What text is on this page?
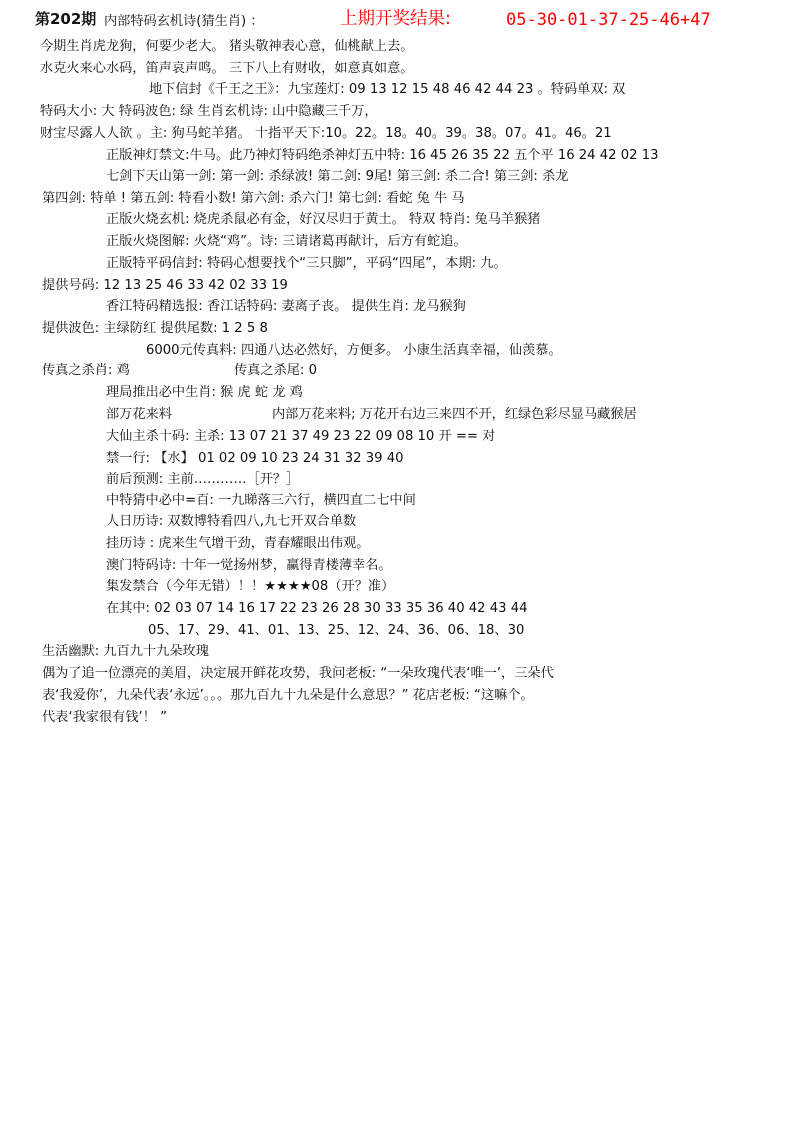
第202期 内部特码玄机诗(猜生肖) ：	上期开奖结果:	05-30-01-37-25-46+47
今期生肖虎龙狗，何要少老大。 猪头敬神表心意，仙桃献上去。
水克火来心水码，笛声哀声鸣。 三下八上有财收，如意真如意。
地下信封《千王之王》：九宝莲灯: 09 13 12 15 48 46 42 44 23 。特码单双: 双
特码大小: 大 特码波色: 绿 生肖玄机诗: 山中隐藏三千万，
财宝尽露人人欲 。主: 狗马蛇羊猪。 十指平天下:10。22。18。40。39。38。07。41。46。21
正版神灯禁文:牛马。此乃神灯特码绝杀神灯五中特: 16 45 26 35 22 五个平 16 24 42 02 13
七剑下天山第一剑: 第一剑: 杀绿波! 第二剑: 9尾! 第三剑: 杀二合! 第三剑: 杀龙
第四剑: 特单 ! 第五剑: 特看小数! 第六剑: 杀六门! 第七剑: 看蛇 兔 牛 马
正版火烧玄机: 烧虎杀鼠必有金，好汉尽归于黄土。 特双 特肖: 兔马羊猴猪
正版火烧图解: 火烧“鸡”。诗: 三请诸葛再献计，后方有蛇追。
正版特平码信封: 特码心想要找个“三只脚”，平码“四尾”，本期: 九。
提供号码: 12 13 25 46 33 42 02 33 19
香江特码精选报: 香江话特码: 妻离子丧。 提供生肖: 龙马猴狗
提供波色: 主绿防红 提供尾数: 1 2 5 8
6000元传真料: 四通八达必然好，方便多。 小康生活真幸福，仙羡慕。
传真之杀肖: 鸡	传真之杀尾: 0
理局推出必中生肖: 猴 虎 蛇 龙 鸡
部万花来料	内部万花来料; 万花开右边三来四不开，红绿色彩尽显马藏猴居
大仙主杀十码: 主杀: 13 07 21 37 49 23 22 09 08 10 开 == 对
禁一行: 【水】 01 02 09 10 23 24 31 32 39 40
前后预测: 主前…………［开？］
中特猜中必中=百: 一九睇落三六行，横四直二七中间
人日历诗: 双数博特看四八,九七开双合单数
挂历诗 : 虎来生气增干劲，青春耀眼出伟观。
澳门特码诗: 十年一觉扬州梦，赢得青楼薄幸名。
集发禁合（今年无错）！！★★★★08（开？准）
在其中: 02 03 07 14 16 17 22 23 26 28 30 33 35 36 40 42 43 44
05、17、29、41、01、13、25、12、24、36、06、18、30
生活幽默: 九百九十九朵玫瑰
偶为了追一位漂亮的美眉，决定展开鲜花攻势，我问老板: “一朵玫瑰代表‘唯一’，三朵代
表‘我爱你’，九朵代表‘永远’。。。那九百九十九朵是什么意思？” 花店老板: “这嘛个。
代表‘我家很有钱’！ ”
